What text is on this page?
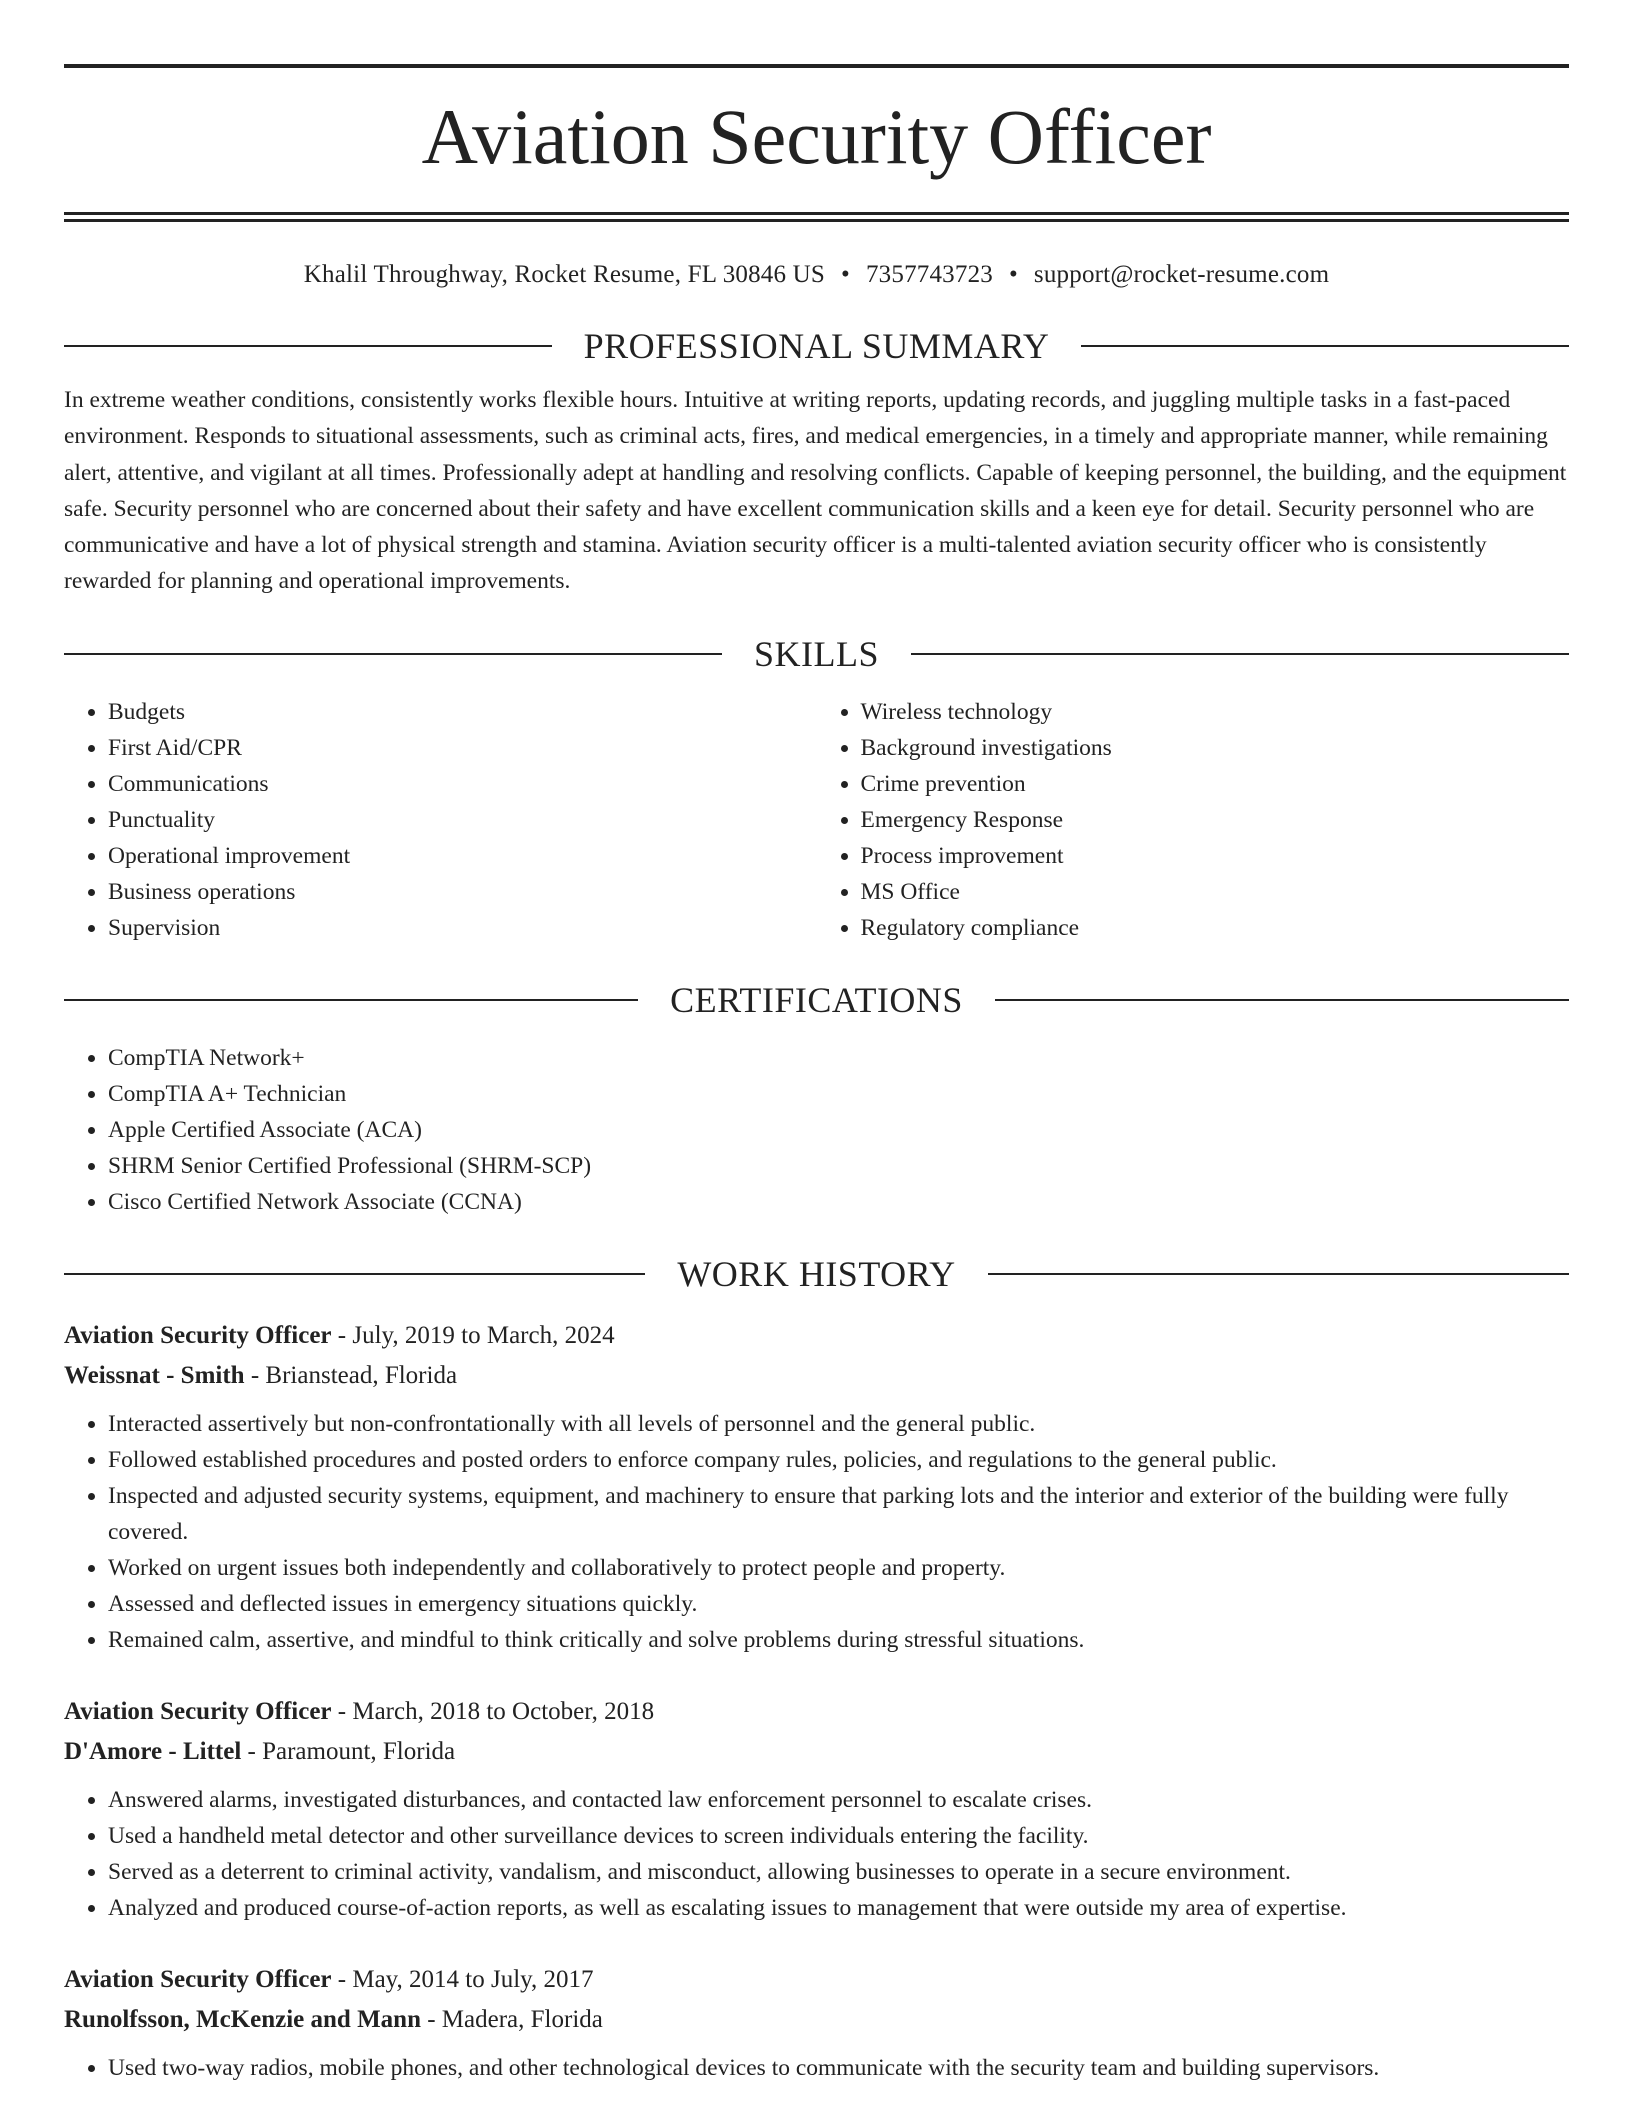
Aviation Security Officer
Khalil Throughway, Rocket Resume, FL 30846 US • 7357743723 • support@rocket-resume.com
PROFESSIONAL SUMMARY
In extreme weather conditions, consistently works flexible hours. Intuitive at writing reports, updating records, and juggling multiple tasks in a fast-paced environment. Responds to situational assessments, such as criminal acts, fires, and medical emergencies, in a timely and appropriate manner, while remaining alert, attentive, and vigilant at all times. Professionally adept at handling and resolving conflicts. Capable of keeping personnel, the building, and the equipment safe. Security personnel who are concerned about their safety and have excellent communication skills and a keen eye for detail. Security personnel who are communicative and have a lot of physical strength and stamina. Aviation security officer is a multi-talented aviation security officer who is consistently rewarded for planning and operational improvements.
SKILLS
• Budgets
• First Aid/CPR
• Communications
• Punctuality
• Operational improvement
• Business operations
• Supervision
• Wireless technology
• Background investigations
• Crime prevention
• Emergency Response
• Process improvement
• MS Office
• Regulatory compliance
CERTIFICATIONS
• CompTIA Network+
• CompTIA A+ Technician
• Apple Certified Associate (ACA)
• SHRM Senior Certified Professional (SHRM-SCP)
• Cisco Certified Network Associate (CCNA)
WORK HISTORY
Aviation Security Officer - July, 2019 to March, 2024
Weissnat - Smith - Brianstead, Florida
• Interacted assertively but non-confrontationally with all levels of personnel and the general public.
• Followed established procedures and posted orders to enforce company rules, policies, and regulations to the general public.
• Inspected and adjusted security systems, equipment, and machinery to ensure that parking lots and the interior and exterior of the building were fully covered.
• Worked on urgent issues both independently and collaboratively to protect people and property.
• Assessed and deflected issues in emergency situations quickly.
• Remained calm, assertive, and mindful to think critically and solve problems during stressful situations.
Aviation Security Officer - March, 2018 to October, 2018
D'Amore - Littel - Paramount, Florida
• Answered alarms, investigated disturbances, and contacted law enforcement personnel to escalate crises.
• Used a handheld metal detector and other surveillance devices to screen individuals entering the facility.
• Served as a deterrent to criminal activity, vandalism, and misconduct, allowing businesses to operate in a secure environment.
• Analyzed and produced course-of-action reports, as well as escalating issues to management that were outside my area of expertise.
Aviation Security Officer - May, 2014 to July, 2017
Runolfsson, McKenzie and Mann - Madera, Florida
• Used two-way radios, mobile phones, and other technological devices to communicate with the security team and building supervisors.
